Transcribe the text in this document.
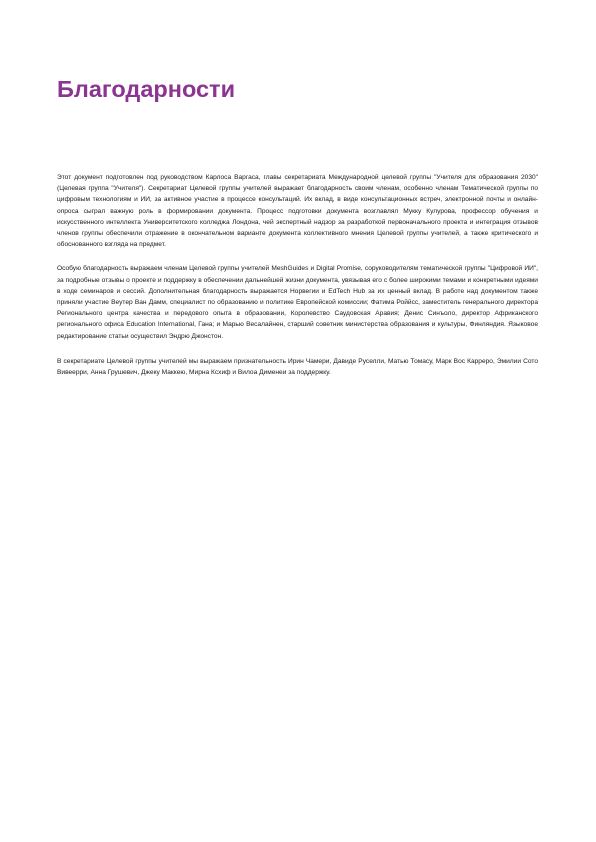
Благодарности

Этот документ подготовлен под руководством Карлоса Варгаса, главы секретариата Международной целевой группы "Учителя для образования 2030" (Целевая группа "Учителя"). Секретариат Целевой группы учителей выражает благодарность своим членам, особенно членам Тематической группы по цифровым технологиям и ИИ, за активное участие в процессе консультаций. Их вклад, в виде консультационных встреч, электронной почты и онлайн-опроса сыграл важную роль в формировании документа. Процесс подготовки документа возглавлял Мукку Кулурова, профессор обучения и искусственного интеллекта Университетского колледжа Лондона, чей экспертный надзор за разработкой первоначального проекта и интеграция отзывов членов группы обеспечили отражение в окончательном варианте документа коллективного мнения Целевой группы учителей, а также критического и обоснованного взгляда на предмет.

Особую благодарность выражаем членам Целевой группы учителей MeshGuides и Digital Promise, сорукoводителям тематической группы "Цифровой ИИ", за подробные отзывы о проекте и поддержку в обеспечении дальнейшей жизни документа, увязывая его с более широкими темами и конкретными идеями в ходе семинаров и сессий. Дополнительная благодарность выражается Норвегии и EdTech Hub за их ценный вклад. В работе над документом также приняли участие Веутер Ван Дамм, специалист по образованию и политике Европейской комиссии; Фатима Роййсс, заместитель генерального директора Регионального центра качества и передового опыта в образовании, Королевство Саудовская Аравия; Денис Синъоло, директор Африканского регионального офиса Education International, Гана; и Марью Весалайнен, старший советник министерства образования и культуры, Финляндия. Языковое редактирование статьи осуществил Эндрю Джонстон.

В секретариате Целевой группы учителей мы выражаем признательность Ирин Чамери, Давиде Руселли, Матью Томасу, Марк Вос Карреро, Эмилии Сото Вивеерри, Анна Грушевич, Джеку Маккею, Мирна Ксхиф и Вилоа Дименеи за поддержку.
